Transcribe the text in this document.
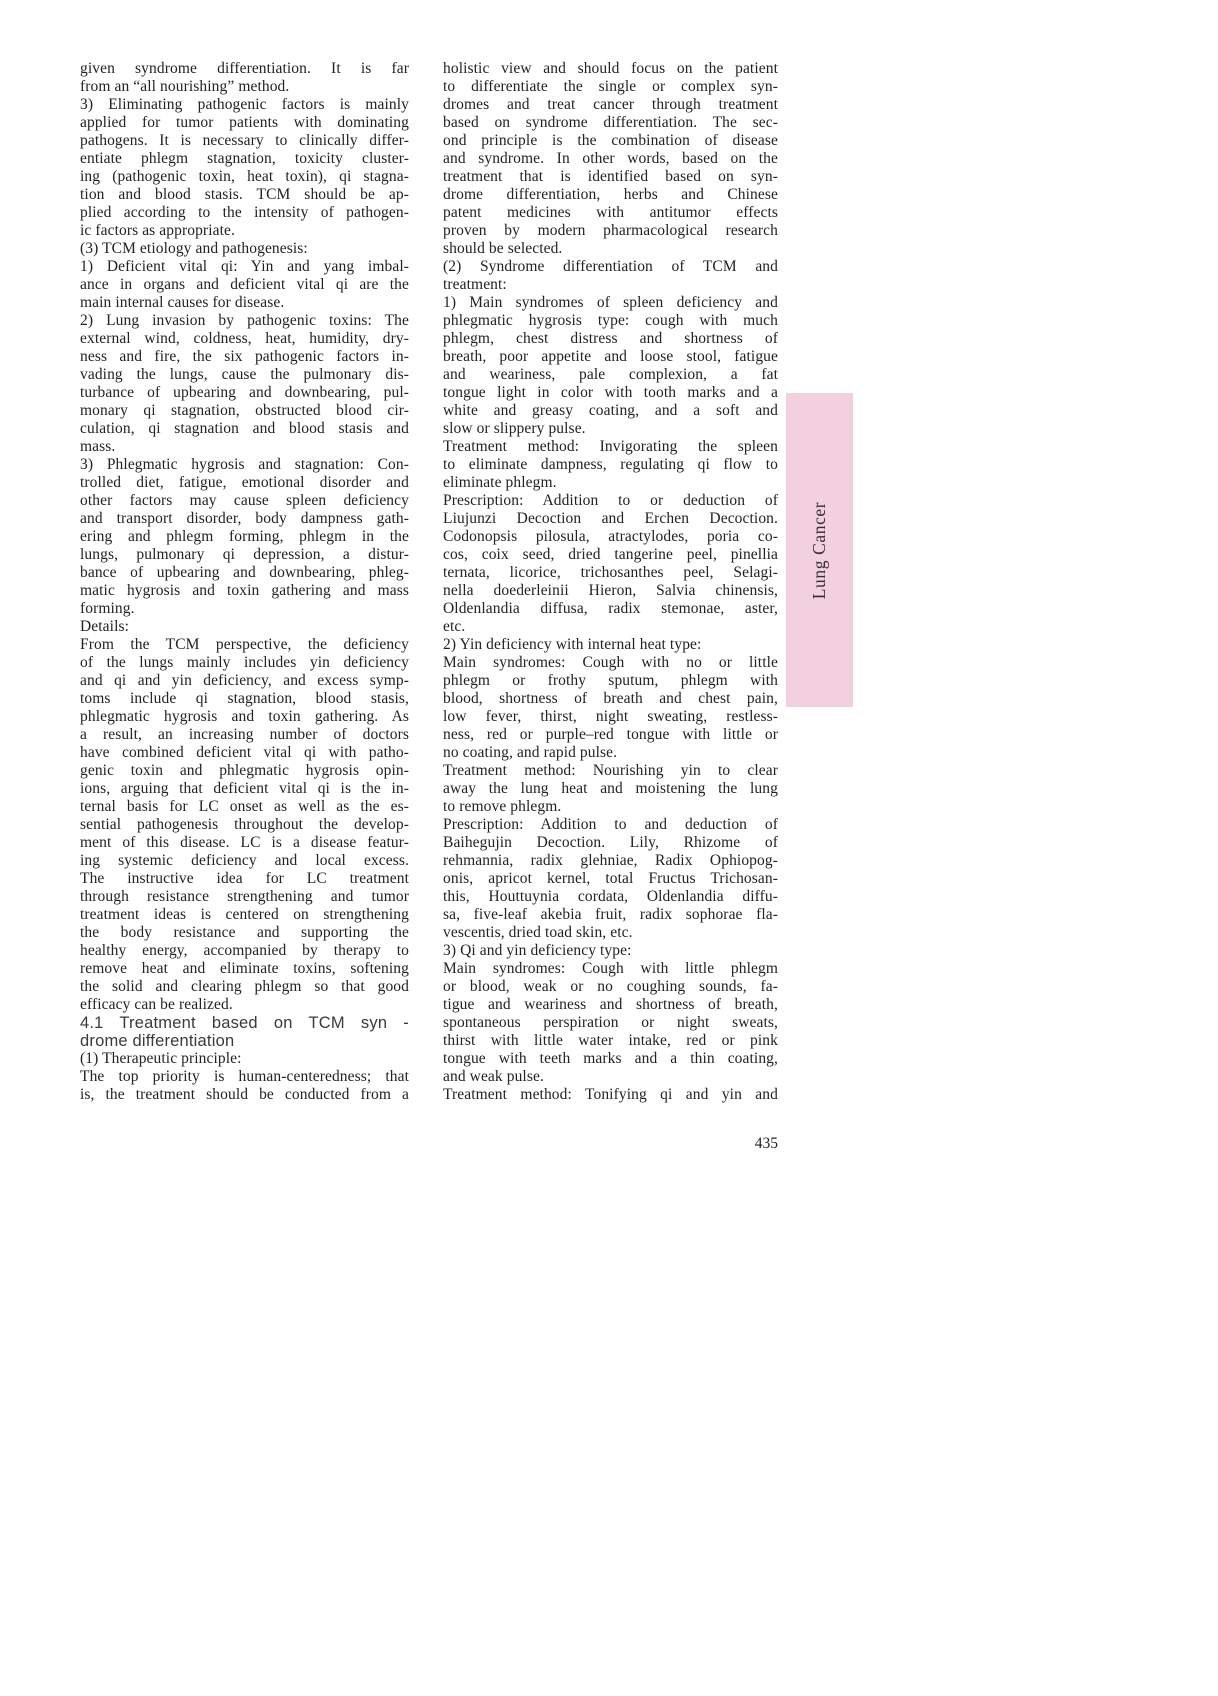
given syndrome differentiation. It is far
from an “all nourishing” method.
3) Eliminating pathogenic factors is mainly
applied for tumor patients with dominating
pathogens. It is necessary to clinically differ-
entiate phlegm stagnation, toxicity cluster-
ing (pathogenic toxin, heat toxin), qi stagna-
tion and blood stasis. TCM should be ap-
plied according to the intensity of pathogen-
ic factors as appropriate.
(3) TCM etiology and pathogenesis:
1) Deficient vital qi: Yin and yang imbal-
ance in organs and deficient vital qi are the
main internal causes for disease.
2) Lung invasion by pathogenic toxins: The
external wind, coldness, heat, humidity, dry-
ness and fire, the six pathogenic factors in-
vading the lungs, cause the pulmonary dis-
turbance of upbearing and downbearing, pul-
monary qi stagnation, obstructed blood cir-
culation, qi stagnation and blood stasis and
mass.
3) Phlegmatic hygrosis and stagnation: Con-
trolled diet, fatigue, emotional disorder and
other factors may cause spleen deficiency
and transport disorder, body dampness gath-
ering and phlegm forming, phlegm in the
lungs, pulmonary qi depression, a distur-
bance of upbearing and downbearing, phleg-
matic hygrosis and toxin gathering and mass
forming.
Details:
From the TCM perspective, the deficiency
of the lungs mainly includes yin deficiency
and qi and yin deficiency, and excess symp-
toms include qi stagnation, blood stasis,
phlegmatic hygrosis and toxin gathering. As
a result, an increasing number of doctors
have combined deficient vital qi with patho-
genic toxin and phlegmatic hygrosis opin-
ions, arguing that deficient vital qi is the in-
ternal basis for LC onset as well as the es-
sential pathogenesis throughout the develop-
ment of this disease. LC is a disease featur-
ing systemic deficiency and local excess.
The instructive idea for LC treatment
through resistance strengthening and tumor
treatment ideas is centered on strengthening
the body resistance and supporting the
healthy energy, accompanied by therapy to
remove heat and eliminate toxins, softening
the solid and clearing phlegm so that good
efficacy can be realized.
4.1 Treatment based on TCM syn -
drome differentiation
(1) Therapeutic principle:
The top priority is human-centeredness; that
is, the treatment should be conducted from a
holistic view and should focus on the patient
to differentiate the single or complex syn-
dromes and treat cancer through treatment
based on syndrome differentiation. The sec-
ond principle is the combination of disease
and syndrome. In other words, based on the
treatment that is identified based on syn-
drome differentiation, herbs and Chinese
patent medicines with antitumor effects
proven by modern pharmacological research
should be selected.
(2) Syndrome differentiation of TCM and
treatment:
1) Main syndromes of spleen deficiency and
phlegmatic hygrosis type: cough with much
phlegm, chest distress and shortness of
breath, poor appetite and loose stool, fatigue
and weariness, pale complexion, a fat
tongue light in color with tooth marks and a
white and greasy coating, and a soft and
slow or slippery pulse.
Treatment method: Invigorating the spleen
to eliminate dampness, regulating qi flow to
eliminate phlegm.
Prescription: Addition to or deduction of
Liujunzi Decoction and Erchen Decoction.
Codonopsis pilosula, atractylodes, poria co-
cos, coix seed, dried tangerine peel, pinellia
ternata, licorice, trichosanthes peel, Selagi-
nella doederleinii Hieron, Salvia chinensis,
Oldenlandia diffusa, radix stemonae, aster,
etc.
2) Yin deficiency with internal heat type:
Main syndromes: Cough with no or little
phlegm or frothy sputum, phlegm with
blood, shortness of breath and chest pain,
low fever, thirst, night sweating, restless-
ness, red or purple–red tongue with little or
no coating, and rapid pulse.
Treatment method: Nourishing yin to clear
away the lung heat and moistening the lung
to remove phlegm.
Prescription: Addition to and deduction of
Baihegujin Decoction. Lily, Rhizome of
rehmannia, radix glehniae, Radix Ophiopog-
onis, apricot kernel, total Fructus Trichosan-
this, Houttuynia cordata, Oldenlandia diffu-
sa, five-leaf akebia fruit, radix sophorae fla-
vescentis, dried toad skin, etc.
3) Qi and yin deficiency type:
Main syndromes: Cough with little phlegm
or blood, weak or no coughing sounds, fa-
tigue and weariness and shortness of breath,
spontaneous perspiration or night sweats,
thirst with little water intake, red or pink
tongue with teeth marks and a thin coating,
and weak pulse.
Treatment method: Tonifying qi and yin and
Lung Cancer
435
